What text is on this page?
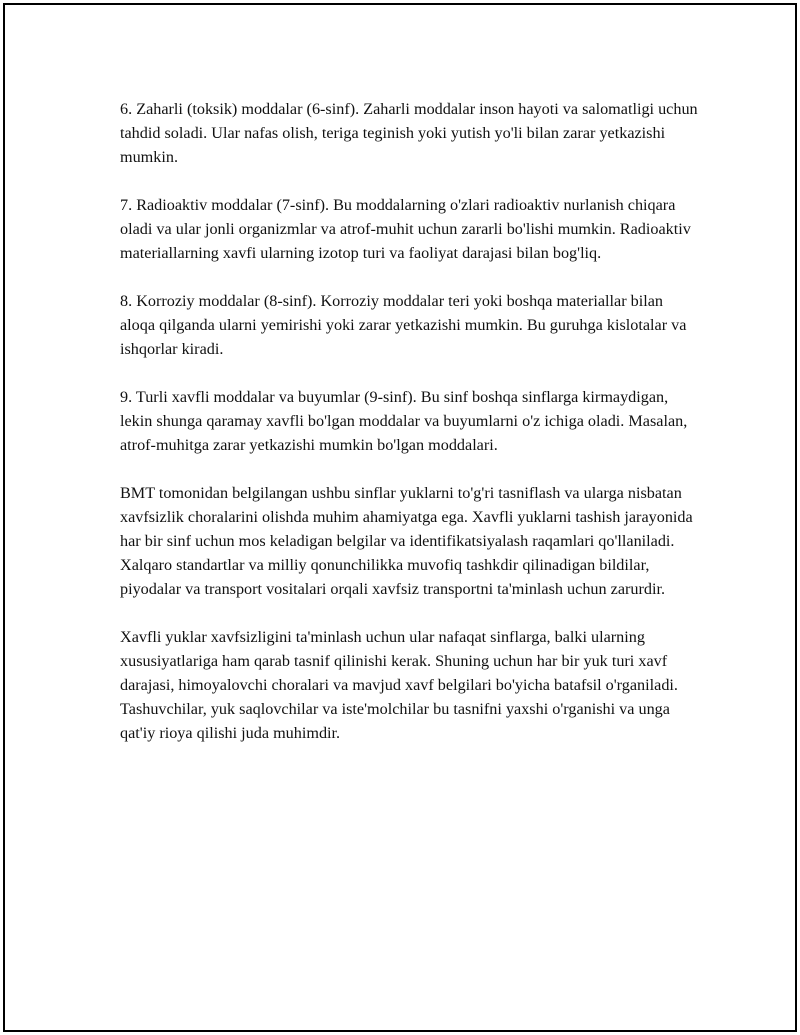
6. Zaharli (toksik) moddalar (6-sinf). Zaharli moddalar inson hayoti va salomatligi uchun tahdid soladi. Ular nafas olish, teriga teginish yoki yutish yo'li bilan zarar yetkazishi mumkin.

7. Radioaktiv moddalar (7-sinf). Bu moddalarning o'zlari radioaktiv nurlanish chiqara oladi va ular jonli organizmlar va atrof-muhit uchun zararli bo'lishi mumkin. Radioaktiv materiallarning xavfi ularning izotop turi va faoliyat darajasi bilan bog'liq.

8. Korroziy moddalar (8-sinf). Korroziy moddalar teri yoki boshqa materiallar bilan aloqa qilganda ularni yemirishi yoki zarar yetkazishi mumkin. Bu guruhga kislotalar va ishqorlar kiradi.

9. Turli xavfli moddalar va buyumlar (9-sinf). Bu sinf boshqa sinflarga kirmaydigan, lekin shunga qaramay xavfli bo'lgan moddalar va buyumlarni o'z ichiga oladi. Masalan, atrof-muhitga zarar yetkazishi mumkin bo'lgan moddalari.

BMT tomonidan belgilangan ushbu sinflar yuklarni to'g'ri tasniflash va ularga nisbatan xavfsizlik choralarini olishda muhim ahamiyatga ega. Xavfli yuklarni tashish jarayonida har bir sinf uchun mos keladigan belgilar va identifikatsiyalash raqamlari qo'llaniladi. Xalqaro standartlar va milliy qonunchilikka muvofiq tashkdir qilinadigan bildilar, piyodalar va transport vositalari orqali xavfsiz transportni ta'minlash uchun zarurdir.

Xavfli yuklar xavfsizligini ta'minlash uchun ular nafaqat sinflarga, balki ularning xususiyatlariga ham qarab tasnif qilinishi kerak. Shuning uchun har bir yuk turi xavf darajasi, himoyalovchi choralari va mavjud xavf belgilari bo'yicha batafsil o'rganiladi. Tashuvchilar, yuk saqlovchilar va iste'molchilar bu tasnifni yaxshi o'rganishi va unga qat'iy rioya qilishi juda muhimdir.
